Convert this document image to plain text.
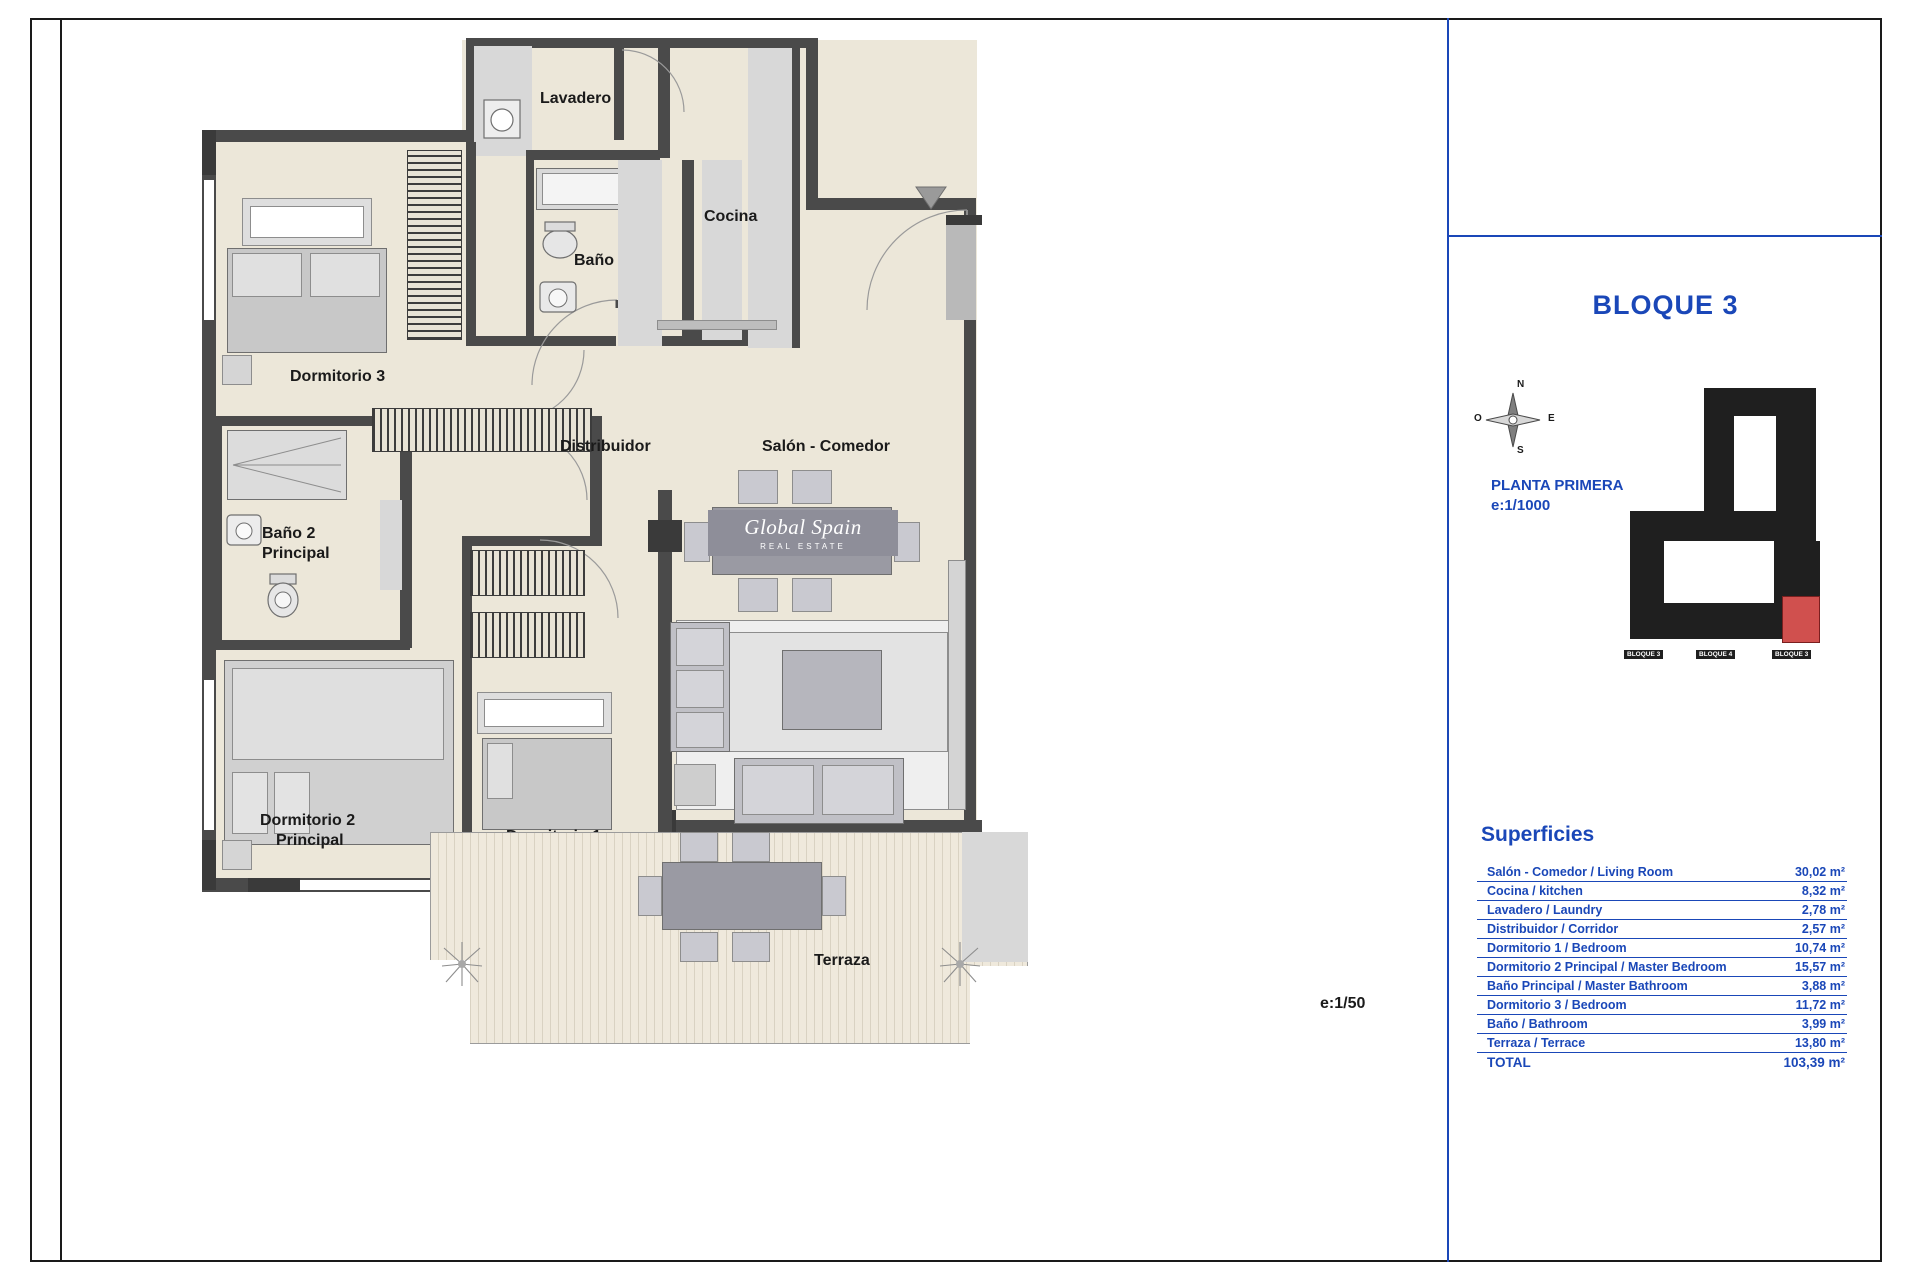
Dormitorio 3
Baño
Lavadero
Cocina
Distribuidor
Baño 2
Principal
Dormitorio 2
Principal
Global Spain
REAL ESTATE
Salón - Comedor
Terraza
e:1/50
BLOQUE 3
N
S
E
O
PLANTA PRIMERA
e:1/1000
BLOQUE 3	BLOQUE 4	BLOQUE 3
Superficies
Salón - Comedor / Living Room	30,02 m²
Cocina / kitchen	8,32 m²
Lavadero / Laundry	2,78 m²
Distribuidor / Corridor	2,57 m²
Dormitorio 1 / Bedroom	10,74 m²
Dormitorio 2 Principal / Master Bedroom	15,57 m²
Baño Principal / Master Bathroom	3,88 m²
Dormitorio 3 / Bedroom	11,72 m²
Baño / Bathroom	3,99 m²
Terraza / Terrace	13,80 m²
TOTAL	103,39 m²
